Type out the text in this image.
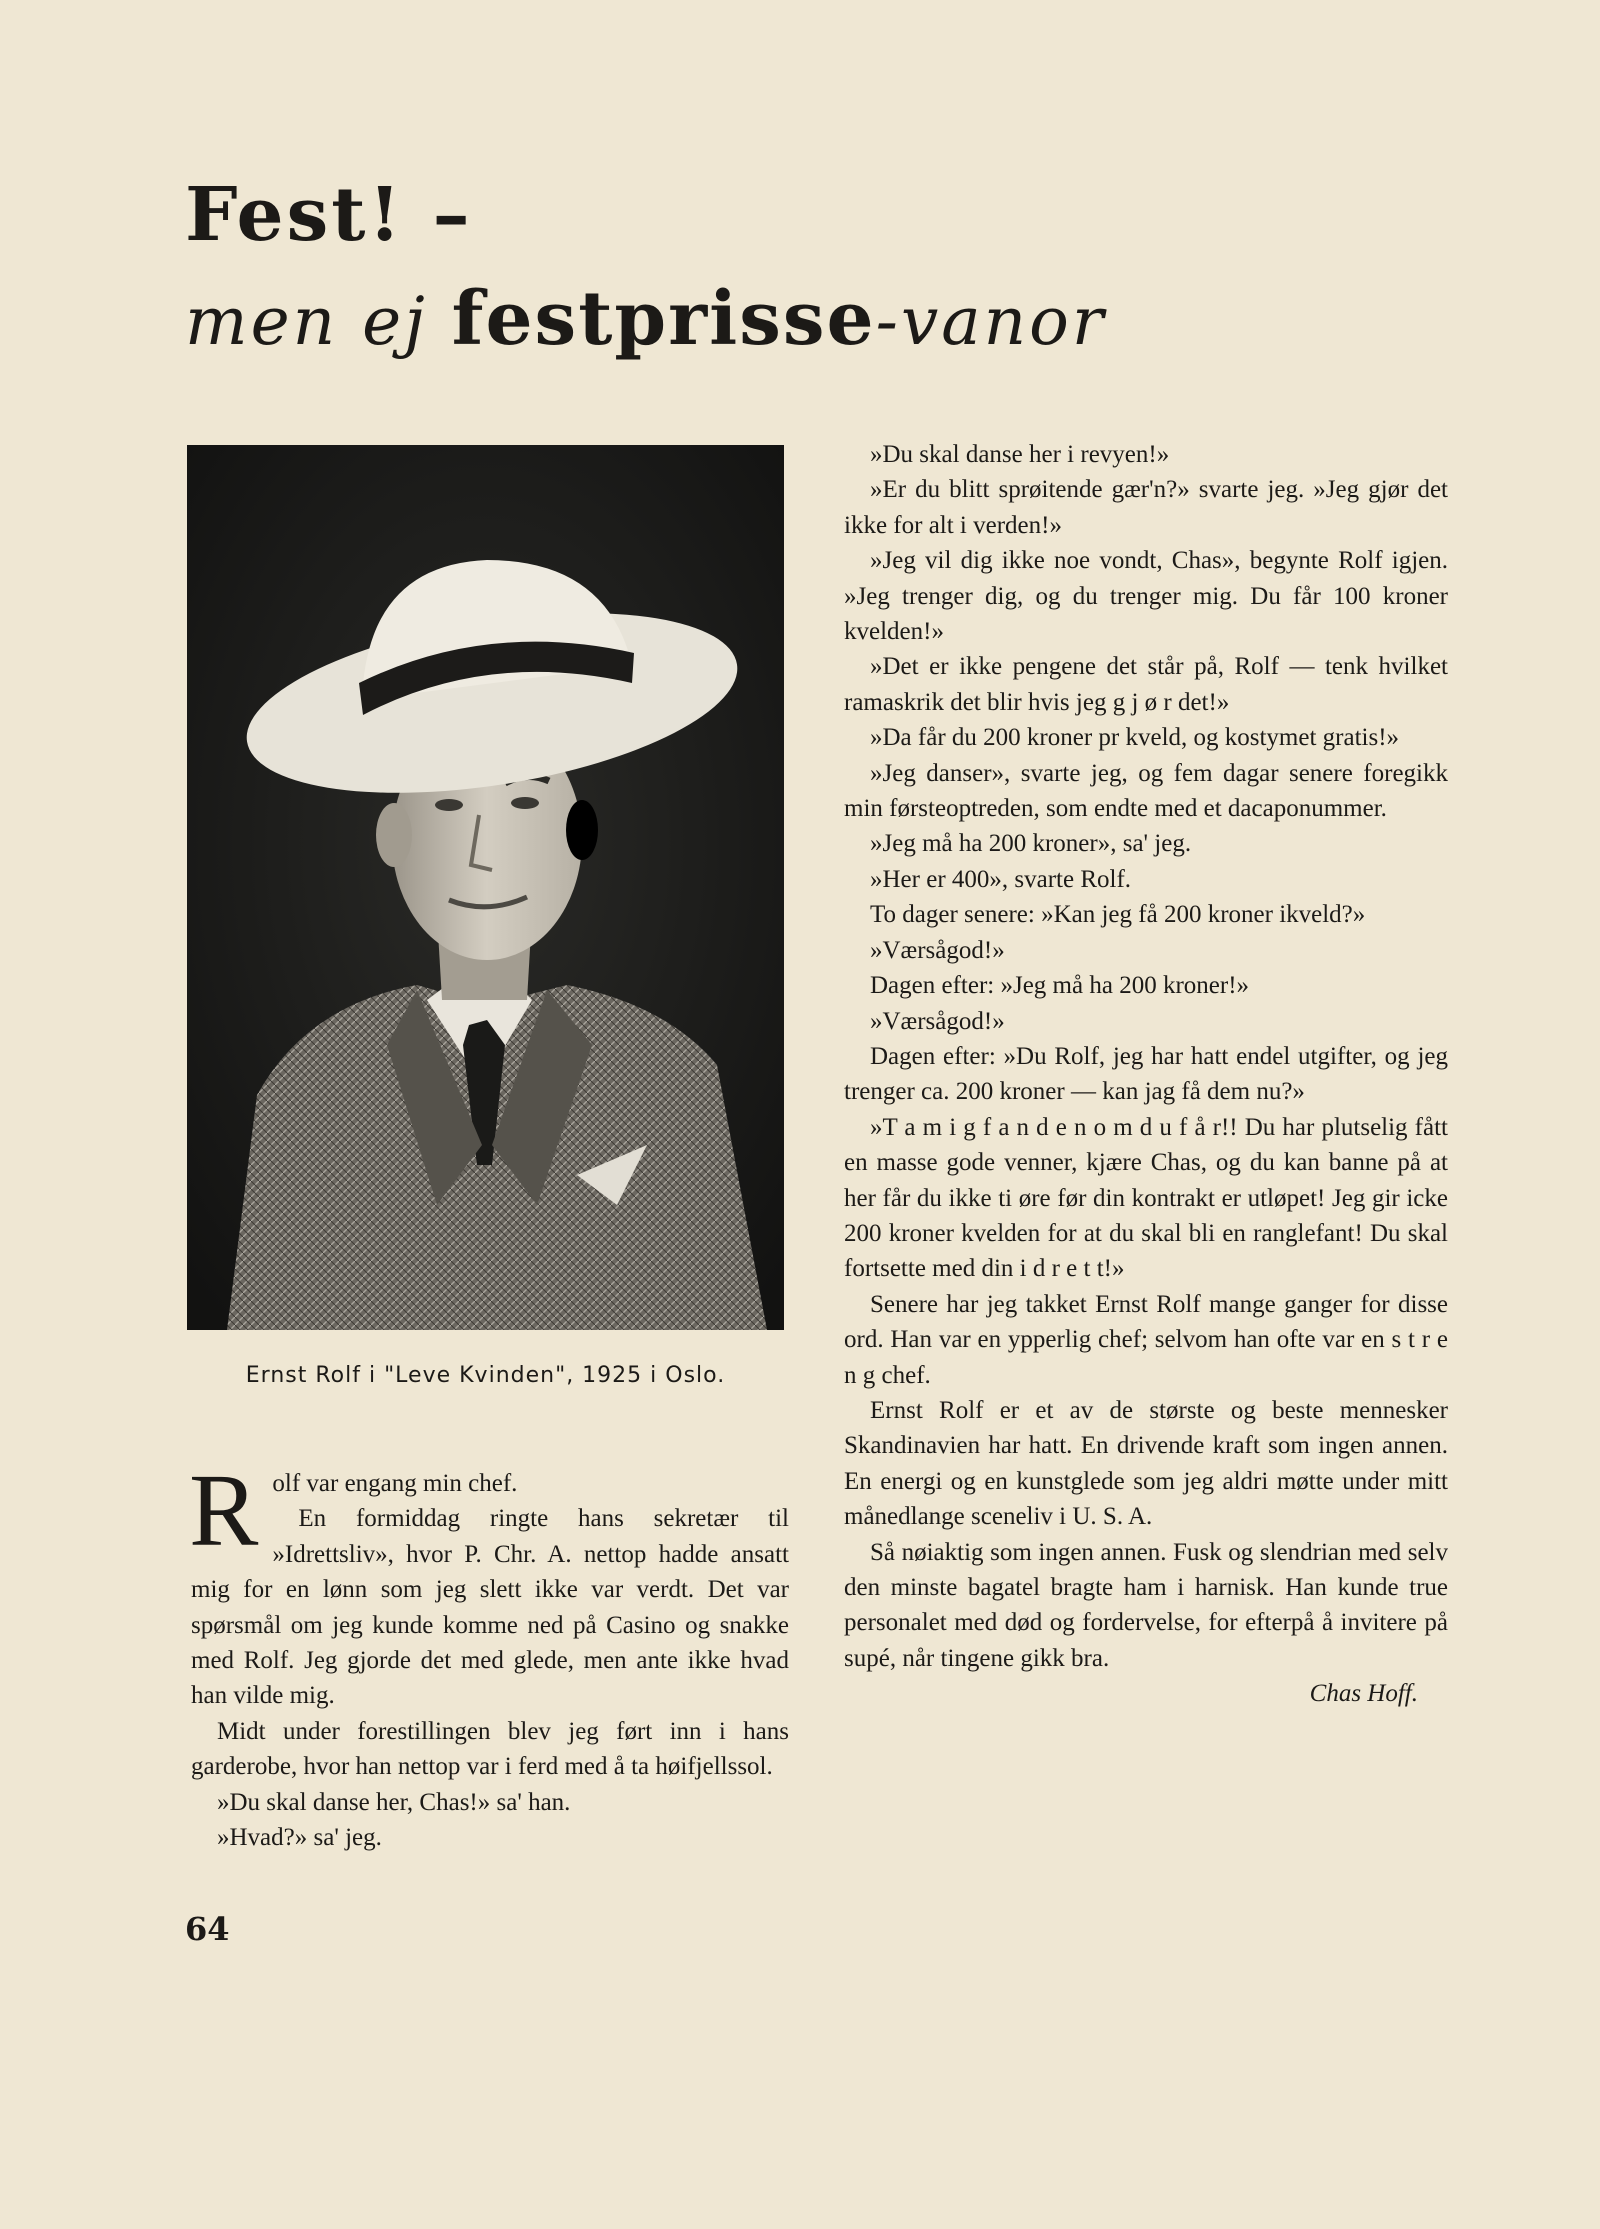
Fest! –
men ej festprisse-vanor
Ernst Rolf i "Leve Kvinden", 1925 i Oslo.

Rolf var engang min chef.

En formiddag ringte hans sekretær til »Idrettsliv», hvor P. Chr. A. nettop hadde ansatt mig for en lønn som jeg slett ikke var verdt. Det var spørsmål om jeg kunde komme ned på Casino og snakke med Rolf. Jeg gjorde det med glede, men ante ikke hvad han vilde mig.

Midt under forestillingen blev jeg ført inn i hans garderobe, hvor han nettop var i ferd med å ta høifjellssol.

»Du skal danse her, Chas!» sa' han.

»Hvad?» sa' jeg.

»Du skal danse her i revyen!»

»Er du blitt sprøitende gær'n?» svarte jeg. »Jeg gjør det ikke for alt i verden!»

»Jeg vil dig ikke noe vondt, Chas», begynte Rolf igjen. »Jeg trenger dig, og du trenger mig. Du får 100 kroner kvelden!»

»Det er ikke pengene det står på, Rolf — tenk hvilket ramaskrik det blir hvis jeg g j ø r det!»

»Da får du 200 kroner pr kveld, og kostymet gratis!»

»Jeg danser», svarte jeg, og fem dagar senere foregikk min førsteoptreden, som endte med et dacaponummer.

»Jeg må ha 200 kroner», sa' jeg.

»Her er 400», svarte Rolf.

To dager senere: »Kan jeg få 200 kroner ikveld?»

»Værsågod!»

Dagen efter: »Jeg må ha 200 kroner!»

»Værsågod!»

Dagen efter: »Du Rolf, jeg har hatt endel utgifter, og jeg trenger ca. 200 kroner — kan jag få dem nu?»

»T a m i g f a n d e n o m d u f å r!! Du har plutselig fått en masse gode venner, kjære Chas, og du kan banne på at her får du ikke ti øre før din kontrakt er utløpet! Jeg gir icke 200 kroner kvelden for at du skal bli en ranglefant! Du skal fortsette med din i d r e t t!»

Senere har jeg takket Ernst Rolf mange ganger for disse ord. Han var en ypperlig chef; selvom han ofte var en s t r e n g chef.

Ernst Rolf er et av de største og beste mennesker Skandinavien har hatt. En drivende kraft som ingen annen. En energi og en kunstglede som jeg aldri møtte under mitt månedlange sceneliv i U. S. A.

Så nøiaktig som ingen annen. Fusk og slendrian med selv den minste bagatel bragte ham i harnisk. Han kunde true personalet med død og fordervelse, for efterpå å invitere på supé, når tingene gikk bra.

Chas Hoff.

64
